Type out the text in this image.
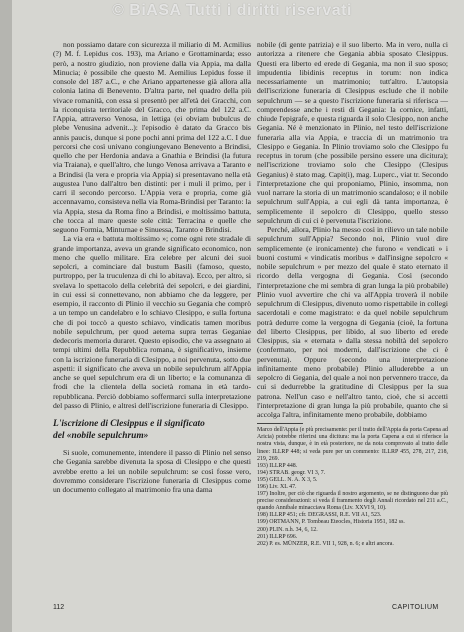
© BiASA Tutti i diritti riservati

non possiamo datare con sicurezza il miliario di M. Acmilius (?) M. f. Lepidus cos. 193), ma Ariano e Grottaminarda; esso però, a nostro giudizio, non proviene dalla via Appia, ma dalla Minucia; è possibile che questo M. Aemilius Lepidus fosse il console del 187 a.C., e che Ariano appartenesse già allora alla colonia latina di Benevento. D'altra parte, nel quadro della più vivace romanità, con essa si presentò per all'età dei Gracchi, con la riconquista territoriale del Gracco, che prima del 122 a.C. l'Appia, attraverso Venosa, in lettiga (ei obviam bubulcus de plebe Venusina advenit...): l'episodio è datato da Gracco bis annis paucis, dunque si pone pochi anni prima del 122 a.C. I due percorsi che così univano congiungevano Benevento a Brindisi, quello che per Herdonia andava a Gnathia e Brindisi (la futura via Traiana), e quell'altro, che lungo Venosa arrivava a Taranto e a Brindisi (la vera e propria via Appia) si presentavano nella età augustea l'uno dall'altro ben distinti: per i muli il primo, per i carri il secondo percorso. L'Appia vera e propria, come già accennavamo, consisteva nella via Roma-Brindisi per Taranto: la via Appia, stesa da Roma fino a Brindisi, e moltissimo battuta, che tocca al mare queste sole città: Terracina e quelle che seguono Formia, Minturnae e Sinuessa, Taranto e Brindisi.

La via era « battuta moltissimo »; come ogni rete stradale di grande importanza, aveva un grande significato economico, non meno che quello militare. Era celebre per alcuni dei suoi sepolcri, a cominciare dal bustum Basili (famoso, questo, purtroppo, per la truculenza di chi lo abitava). Ecco, per altro, si svelava lo spettacolo della celebrità dei sepolcri, e dei giardini, in cui essi si connettevano, non abbiamo che da leggere, per esempio, il racconto di Plinio il vecchio su Gegania che comprò a un tempo un candelabro e lo schiavo Clesippo, e sulla fortuna che di poi toccò a questo schiavo, vindicatis tamen moribus nobile sepulchrum, per quod aeterna supra terras Geganiae dedecoris memoria duraret. Questo episodio, che va assegnato ai tempi ultimi della Repubblica romana, è significativo, insieme con la iscrizione funeraria di Clesippo, a noi pervenuta, sotto due aspetti: il significato che aveva un nobile sepulchrum all'Appia anche se quel sepulchrum era di un liberto; e la comunanza di frodi che la clientela della società romana in età tardo-repubblicana. Perciò dobbiamo soffermarci sulla interpretazione del passo di Plinio, e altresì dell'iscrizione funeraria di Clesippo.

L'iscrizione di Clesippus e il significato
del «nobile sepulchrum»

Si suole, comunemente, intendere il passo di Plinio nel senso che Gegania sarebbe divenuta la sposa di Clesippo e che questi avrebbe eretto a lei un nobile sepulchrum: se così fosse vero, dovremmo considerare l'iscrizione funeraria di Clesippus come un documento collegato al matrimonio fra una dama

nobile (di gente patrizia) e il suo liberto. Ma in vero, nulla ci autorizza a ritenere che Gegania abbia sposato Clesippus. Questi era liberto ed erede di Gegania, ma non il suo sposo; impudentia libidinis receptus in torum: non indica necessariamente un matrimonio; tutt'altro. L'autopsia dell'iscrizione funeraria di Clesippus esclude che il nobile sepulchrum — se a questo l'iscrizione funeraria si riferisca — comprendesse anche i resti di Gegania: la cornice, infatti, chiude l'epigrafe, e questa riguarda il solo Clesippo, non anche Gegania. Né è menzionato in Plinio, nel testo dell'iscrizione funeraria alla via Appia, e traccia di un matrimonio tra Clesippo e Gegania. In Plinio troviamo solo che Clesippo fu receptus in torum (che possibile persino essere una dicitura); nell'iscrizione troviamo solo che Clesippo (Clesipus Geganius) è stato mag. Capit(i), mag. Luperc., viat tr. Secondo l'interpretazione che qui proponiamo, Plinio, insomma, non vuol narrare la storia di un matrimonio scandaloso; e il nobile sepulchrum sull'Appia, a cui egli dà tanta importanza, è semplicemente il sepolcro di Clesippo, quello stesso sepulchrum di cui ci è pervenuta l'iscrizione.

Perché, allora, Plinio ha messo così in rilievo un tale nobile sepulchrum sull'Appia? Secondo noi, Plinio vuol dire semplicemente (e ironicamente) che furono « vendicati » i buoni costumi « vindicatis moribus » dall'insigne sepolcro « nobile sepulchrum » per mezzo del quale è stato eternato il ricordo della vergogna di Gegania. Così (secondo l'interpretazione che mi sembra di gran lunga la più probabile) Plinio vuol avvertire che chi va all'Appia troverà il nobile sepulchrum di Clesippus, divenuto uomo rispettabile in collegi sacerdotali e come magistrato: e da quel nobile sepulchrum potrà dedurre come la vergogna di Gegania (cioè, la fortuna del liberto Clesippus, per libido, al suo liberto ed erede Clesippus, sia « eternata » dalla stessa nobiltà del sepolcro (confermato, per noi moderni, dall'iscrizione che ci è pervenuta). Oppure (secondo una interpretazione infinitamente meno probabile) Plinio alluderebbe a un sepolcro di Gegania, del quale a noi non pervennero tracce, da cui si dedurrebbe la gratitudine di Clesippus per la sua patrona. Nell'un caso e nell'altro tanto, cioè, che si accetti l'interpretazione di gran lunga la più probabile, quanto che si accolga l'altra, infinitamente meno probabile, dobbiamo

Marco dell'Appia (e più precisamente: per il tratto dell'Appia da porta Capena ad Aricia) potrebbe riferirsi una dicitura: ma la porta Capena a cui si riferisce la nostra vista, dunque, è in età posteriore, ne da nota comprovato al tratto delle linee: ILLRP 448; si veda pure per un commento: ILLRP 455, 278, 217, 218, 219, 269.

193) ILLRP 448.

194) STRAB. geogr. VI 3, 7.

195) GELL. N. A. X 3, 5.

196) Liv. XL 47.

197) Inoltre, per ciò che riguarda il nostro argomento, se ne distinguono due più precise considerazioni: si veda il frammento degli Annali ricordato nel 211 a.C., quando Annibale minacciava Roma (Liv. XXVI 9, 10).

198) ILLRP 451; cfr. DEGRASSI, R.E. VII A1, 523.

199) ORTMANN, P. Tombeau Eteocles, Historia 1951, 182 ss.

200) PLIN. n.h. 34, 6, 12.

201) ILLRP 696.

202) P. es. MÜNZER, R.E. VII 1, 928, n. 6; e altri ancora.

112	CAPITOLIUM
